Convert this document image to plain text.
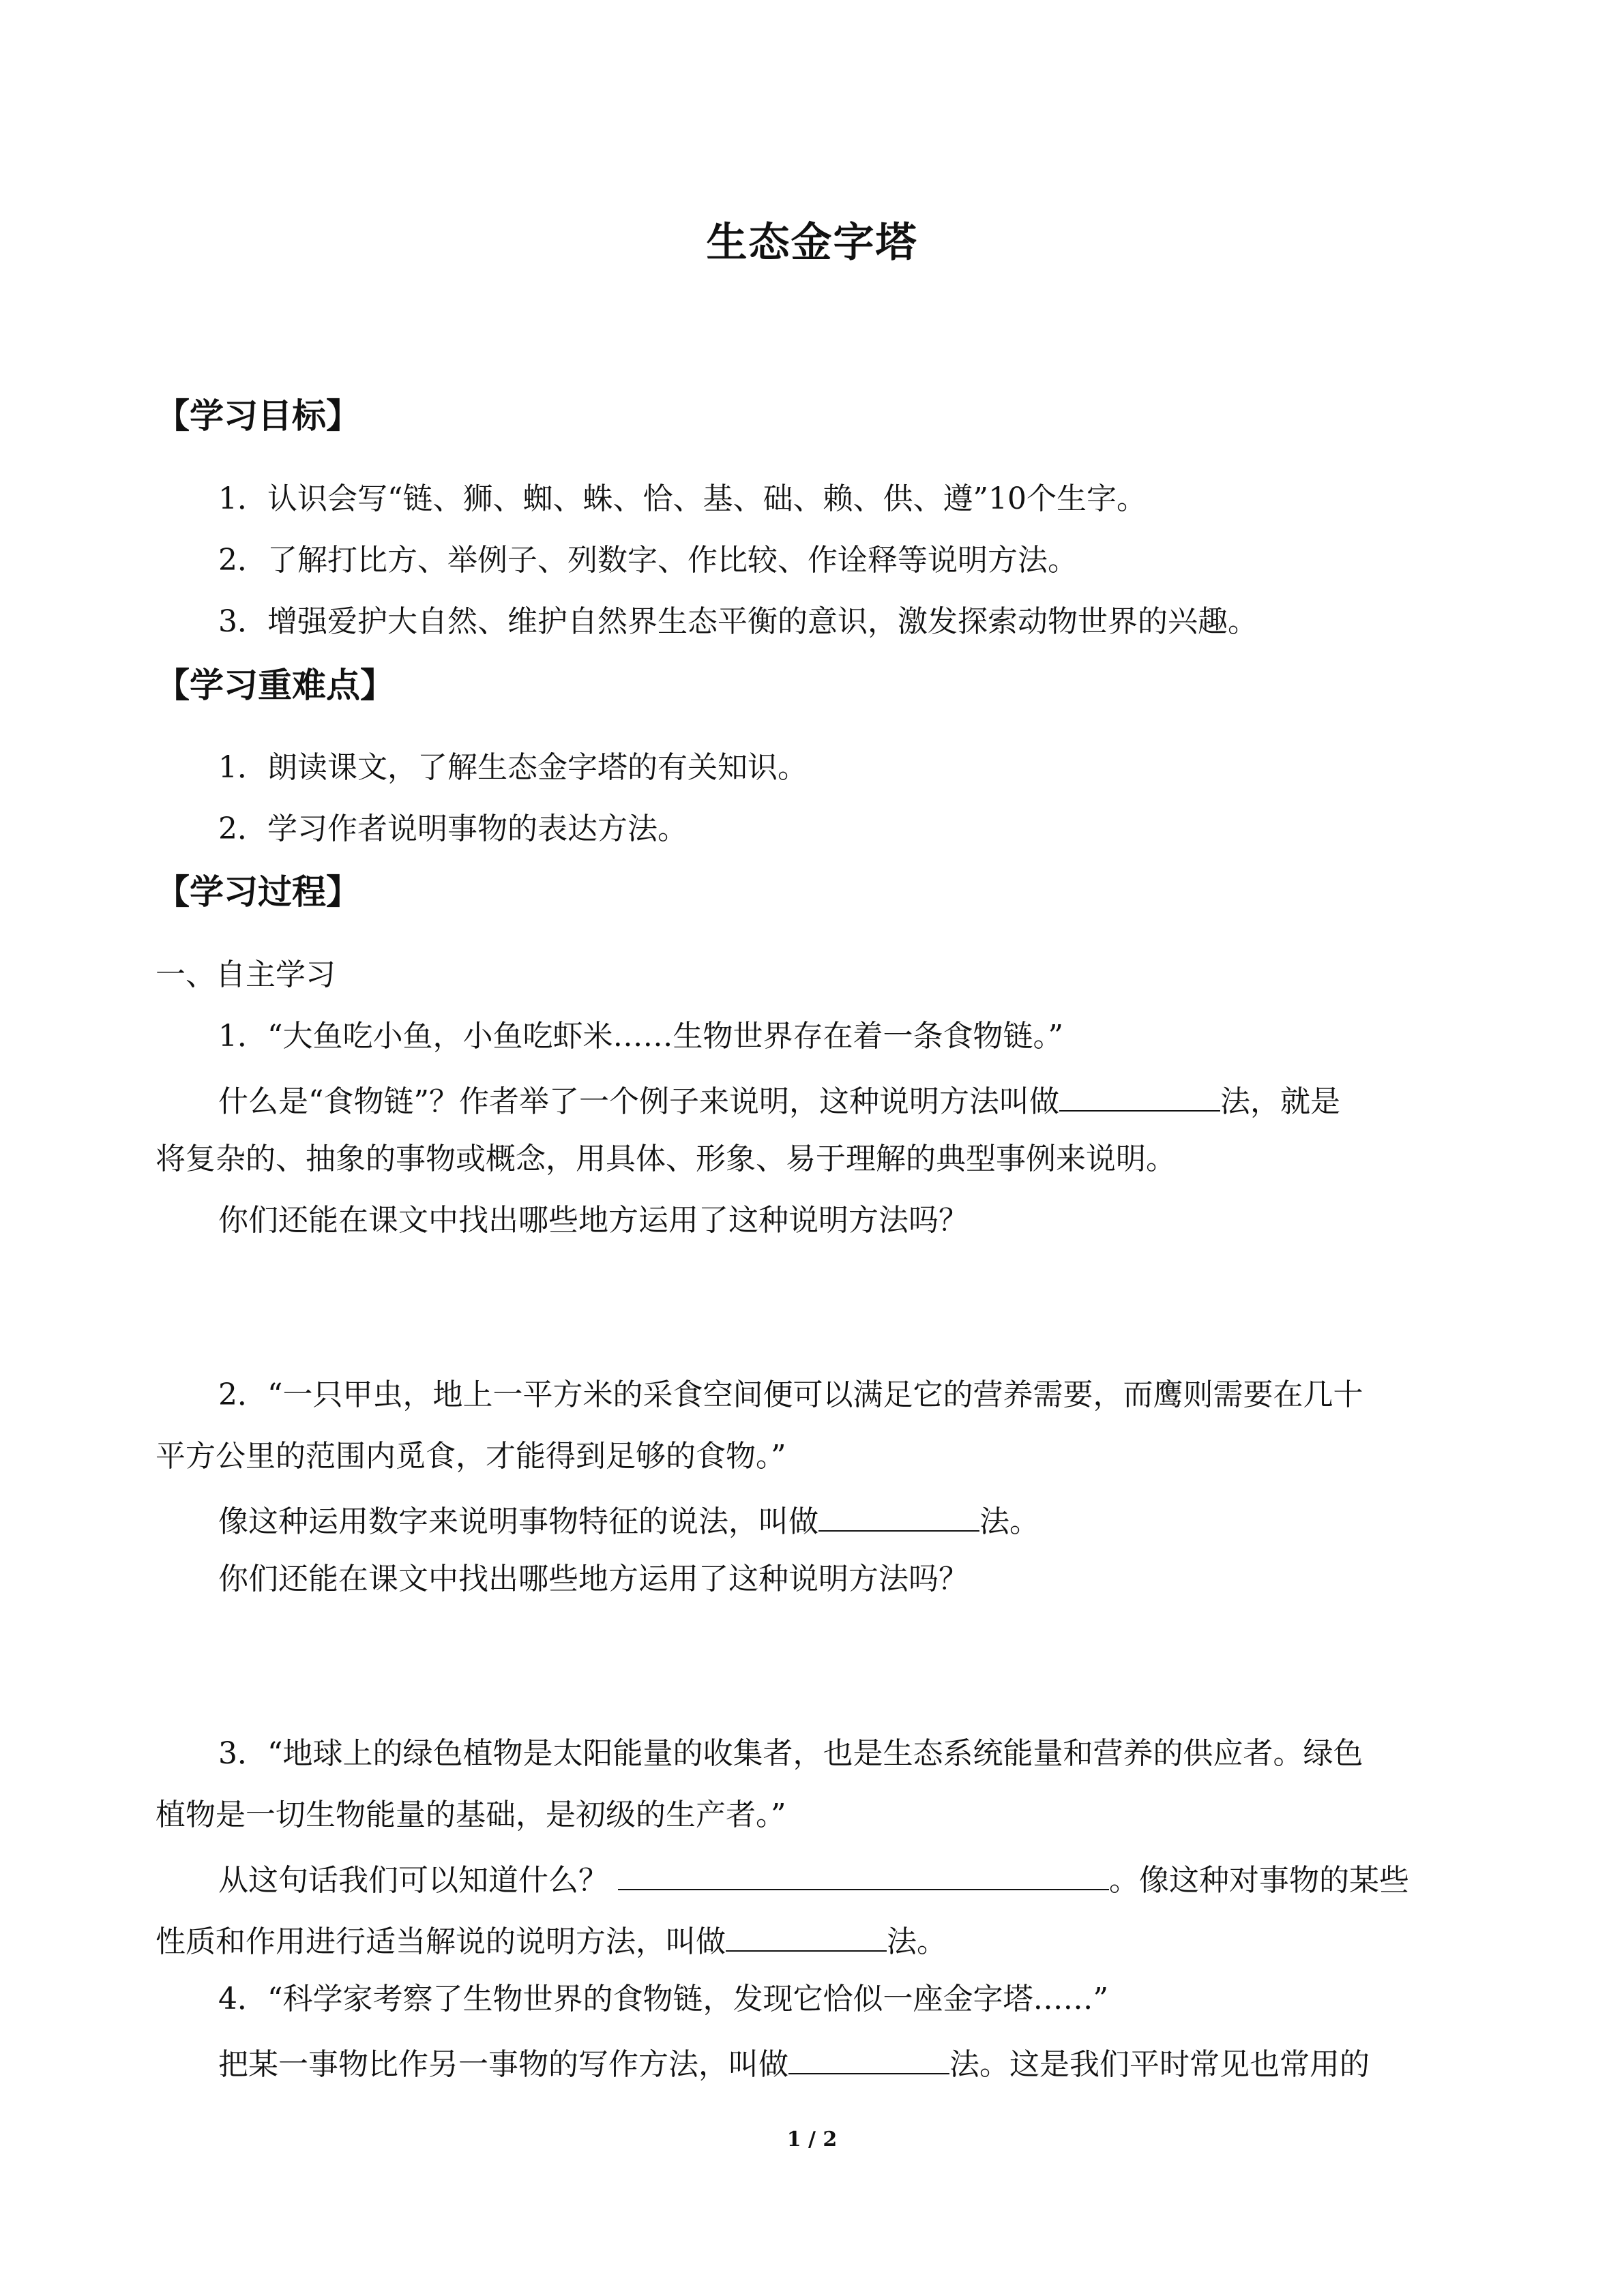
生态金字塔
【学习目标】
1．认识会写“链、狮、蜘、蛛、恰、基、础、赖、供、遵”10个生字。
2．了解打比方、举例子、列数字、作比较、作诠释等说明方法。
3．增强爱护大自然、维护自然界生态平衡的意识，激发探索动物世界的兴趣。
【学习重难点】
1．朗读课文，了解生态金字塔的有关知识。
2．学习作者说明事物的表达方法。
【学习过程】
一、自主学习
1．“大鱼吃小鱼，小鱼吃虾米……生物世界存在着一条食物链。”
什么是“食物链”？作者举了一个例子来说明，这种说明方法叫做	法，就是
将复杂的、抽象的事物或概念，用具体、形象、易于理解的典型事例来说明。
你们还能在课文中找出哪些地方运用了这种说明方法吗？
2．“一只甲虫，地上一平方米的采食空间便可以满足它的营养需要，而鹰则需要在几十
平方公里的范围内觅食，才能得到足够的食物。”
像这种运用数字来说明事物特征的说法，叫做	法。
你们还能在课文中找出哪些地方运用了这种说明方法吗？
3．“地球上的绿色植物是太阳能量的收集者，也是生态系统能量和营养的供应者。绿色
植物是一切生物能量的基础，是初级的生产者。”
从这句话我们可以知道什么？	。像这种对事物的某些
性质和作用进行适当解说的说明方法，叫做	法。
4．“科学家考察了生物世界的食物链，发现它恰似一座金字塔……”
把某一事物比作另一事物的写作方法，叫做	法。这是我们平时常见也常用的
1 / 2
